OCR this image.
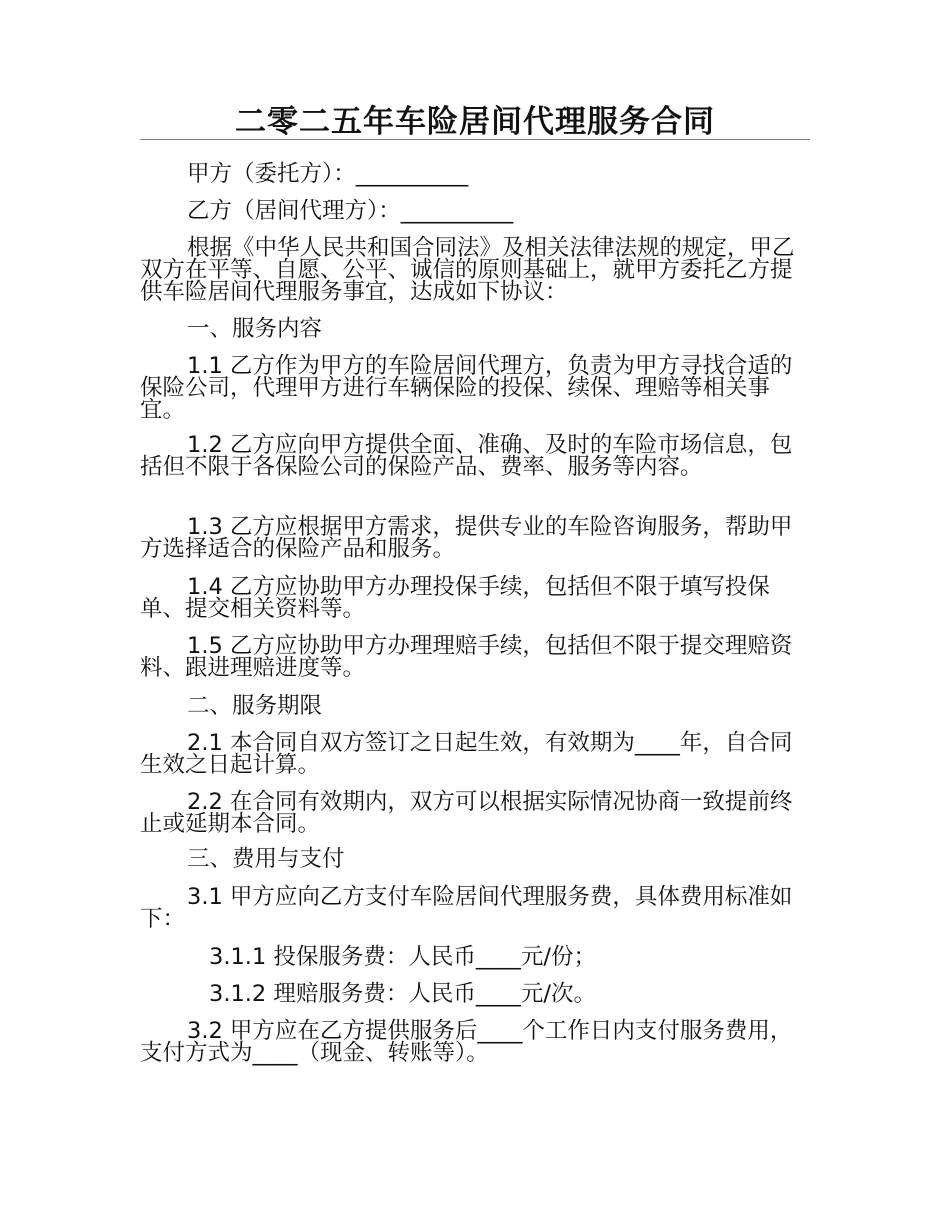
二零二五年车险居间代理服务合同
甲方（委托方）：__________
乙方（居间代理方）：__________
根据《中华人民共和国合同法》及相关法律法规的规定，甲乙双方在平等、自愿、公平、诚信的原则基础上，就甲方委托乙方提供车险居间代理服务事宜，达成如下协议：
一、服务内容
1.1 乙方作为甲方的车险居间代理方，负责为甲方寻找合适的保险公司，代理甲方进行车辆保险的投保、续保、理赔等相关事宜。
1.2 乙方应向甲方提供全面、准确、及时的车险市场信息，包括但不限于各保险公司的保险产品、费率、服务等内容。
1.3 乙方应根据甲方需求，提供专业的车险咨询服务，帮助甲方选择适合的保险产品和服务。
1.4 乙方应协助甲方办理投保手续，包括但不限于填写投保单、提交相关资料等。
1.5 乙方应协助甲方办理理赔手续，包括但不限于提交理赔资料、跟进理赔进度等。
二、服务期限
2.1 本合同自双方签订之日起生效，有效期为____年，自合同生效之日起计算。
2.2 在合同有效期内，双方可以根据实际情况协商一致提前终止或延期本合同。
三、费用与支付
3.1 甲方应向乙方支付车险居间代理服务费，具体费用标准如下：
3.1.1 投保服务费：人民币____元/份；
3.1.2 理赔服务费：人民币____元/次。
3.2 甲方应在乙方提供服务后____个工作日内支付服务费用，支付方式为____（现金、转账等）。
